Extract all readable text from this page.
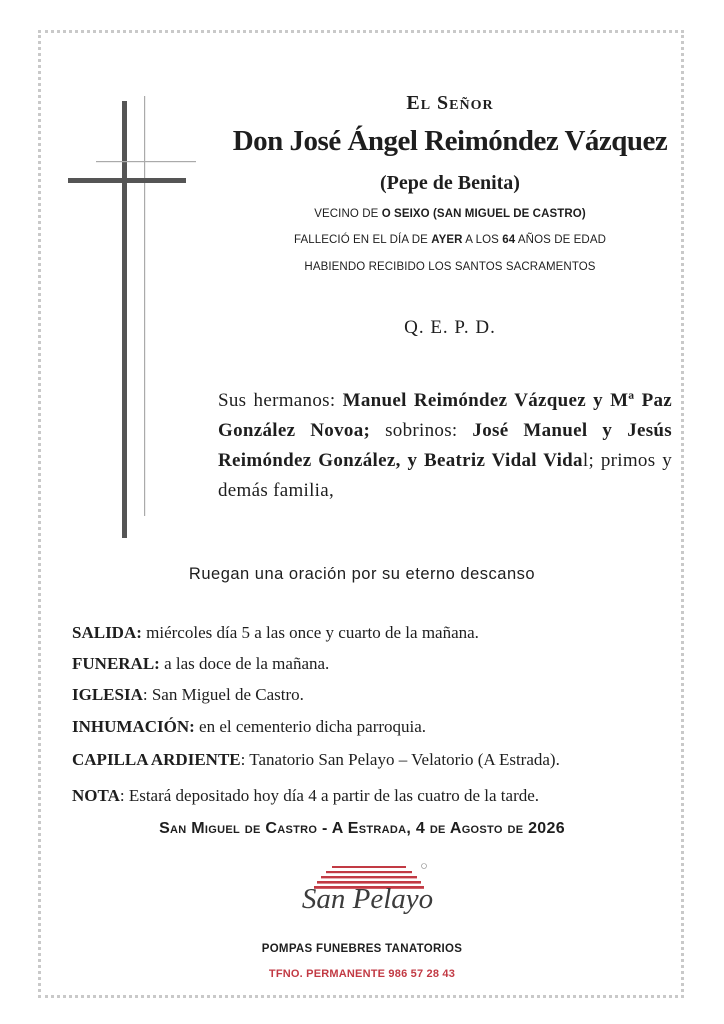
El Señor
Don José Ángel Reimóndez Vázquez
(Pepe de Benita)
VECINO DE O SEIXO (SAN MIGUEL DE CASTRO)
FALLECIÓ EN EL DÍA DE AYER A LOS 64 AÑOS DE EDAD
HABIENDO RECIBIDO LOS SANTOS SACRAMENTOS
Q. E. P. D.
Sus hermanos: Manuel Reimóndez Vázquez y Mª Paz González Novoa; sobrinos: José Manuel y Jesús Reimóndez González, y Beatriz Vidal Vidal; primos y demás familia,
Ruegan una oración por su eterno descanso
SALIDA: miércoles día 5 a las once y cuarto de la mañana.
FUNERAL: a las doce de la mañana.
IGLESIA: San Miguel de Castro.
INHUMACIÓN: en el cementerio dicha parroquia.
CAPILLA ARDIENTE: Tanatorio San Pelayo – Velatorio (A Estrada).
NOTA: Estará depositado hoy día 4 a partir de las cuatro de la tarde.
San Miguel de Castro - A Estrada, 4 de Agosto de 2026
San Pelayo
POMPAS FUNEBRES TANATORIOS
TFNO. PERMANENTE 986 57 28 43
